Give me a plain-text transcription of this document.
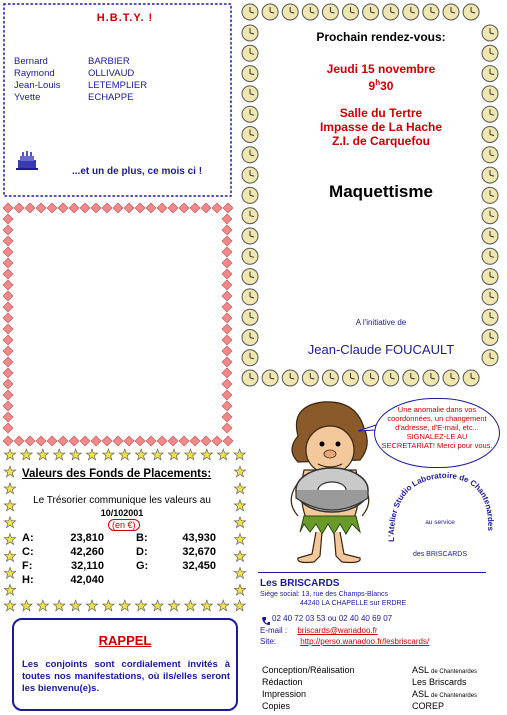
H.B.T.Y. !
Bernard	BARBIER
Raymond	OLLIVAUD
Jean-Louis	LETEMPLIER
Yvette	ECHAPPE
...et un de plus, ce mois ci !
Prochain rendez-vous:
Jeudi 15 novembre
9$^h$30
Salle du Tertre
Impasse de La Hache
Z.I. de Carquefou
Maquettisme
A l'initiative de
Jean-Claude FOUCAULT
Une anomalie dans vos coordonnées, un changement d'adresse, d'E-mail, etc... SIGNALEZ-LE AU SECRETARIAT! Merci pour vous.
L'Atelier Studio Laboratoire de Chantenardes
au service
des BRISCARDS
Valeurs des Fonds de Placements:
Le Trésorier communique les valeurs au
10/102001
(en €)
A:	23,810	B:	43,930
C:	42,260	D:	32,670
F:	32,110	G:	32,450
H:	42,040
RAPPEL
Les conjoints sont cordialement invités à toutes nos manifestations, où ils/elles seront les bienvenu(e)s.
Les BRISCARDS
Siège social: 13, rue des Champs-Blancs
44240 LA CHAPELLE sur ERDRE
02 40 72 03 53 ou 02 40 40 69 07
E-mail : briscards@wanadoo.fr
Site:	http://perso.wanadoo.fr/lesbriscards/
Conception/Réalisation	ASL de Chantenardes
Rédaction	Les Briscards
Impression	ASL de Chantenardes
Copies	COREP
